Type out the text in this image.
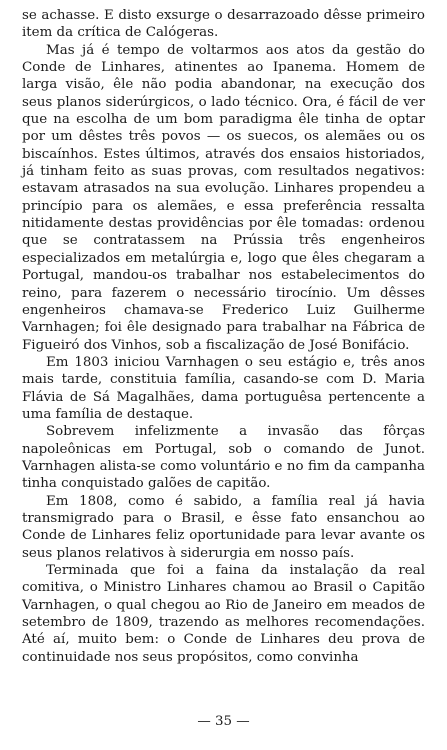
se achasse. E disto exsurge o desarrazoado dêsse primeiro item da crítica de Calógeras.

Mas já é tempo de voltarmos aos atos da gestão do Conde de Linhares, atinentes ao Ipanema. Homem de larga visão, êle não podia abandonar, na execução dos seus planos siderúrgicos, o lado técnico. Ora, é fácil de ver que na escolha de um bom paradigma êle tinha de optar por um dêstes três povos — os suecos, os alemães ou os biscaínhos. Estes últimos, através dos ensaios historiados, já tinham feito as suas provas, com resultados negativos: estavam atrasados na sua evolução. Linhares propendeu a princípio para os alemães, e essa preferência ressalta nitidamente destas providências por êle tomadas: ordenou que se contratassem na Prússia três engenheiros especializados em metalúrgia e, logo que êles chegaram a Portugal, mandou-os trabalhar nos estabelecimentos do reino, para fazerem o necessário tirocínio. Um dêsses engenheiros chamava-se Frederico Luiz Guilherme Varnhagen; foi êle designado para trabalhar na Fábrica de Figueiró dos Vinhos, sob a fiscalização de José Bonifácio.

Em 1803 iniciou Varnhagen o seu estágio e, três anos mais tarde, constituia família, casando-se com D. Maria Flávia de Sá Magalhães, dama portuguêsa pertencente a uma família de destaque.

Sobrevem infelizmente a invasão das fôrças napoleônicas em Portugal, sob o comando de Junot. Varnhagen alista-se como voluntário e no fim da campanha tinha conquistado galões de capitão.

Em 1808, como é sabido, a família real já havia transmigrado para o Brasil, e êsse fato ensanchou ao Conde de Linhares feliz oportunidade para levar avante os seus planos relativos à siderurgia em nosso país.

Terminada que foi a faina da instalação da real comitiva, o Ministro Linhares chamou ao Brasil o Capitão Varnhagen, o qual chegou ao Rio de Janeiro em meados de setembro de 1809, trazendo as melhores recomendações. Até aí, muito bem: o Conde de Linhares deu prova de continuidade nos seus propósitos, como convinha

— 35 —
